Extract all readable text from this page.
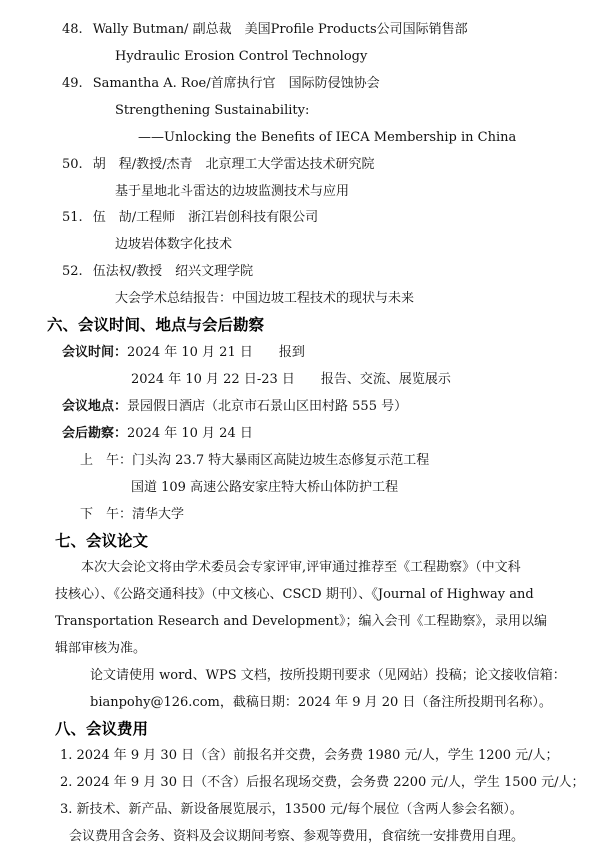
48. Wally Butman/ 副总裁　美国Profile Products公司国际销售部
Hydraulic Erosion Control Technology
49. Samantha A. Roe/首席执行官　国际防侵蚀协会
Strengthening Sustainability:
——Unlocking the Benefits of IECA Membership in China
50. 胡　程/教授/杰青　北京理工大学雷达技术研究院
基于星地北斗雷达的边坡监测技术与应用
51. 伍　劼/工程师　浙江岩创科技有限公司
边坡岩体数字化技术
52. 伍法权/教授　绍兴文理学院
大会学术总结报告：中国边坡工程技术的现状与未来
六、会议时间、地点与会后勘察
会议时间：2024 年 10 月 21 日　　报到
2024 年 10 月 22 日-23 日　　报告、交流、展览展示
会议地点：景园假日酒店（北京市石景山区田村路 555 号）
会后勘察：2024 年 10 月 24 日
上　午：门头沟 23.7 特大暴雨区高陡边坡生态修复示范工程
国道 109 高速公路安家庄特大桥山体防护工程
下　午：清华大学
七、会议论文
本次大会论文将由学术委员会专家评审,评审通过推荐至《工程勘察》（中文科
技核心）、《公路交通科技》（中文核心、CSCD 期刊）、《Journal of Highway and
Transportation Research and Development》；编入会刊《工程勘察》，录用以编
辑部审核为准。
论文请使用 word、WPS 文档，按所投期刊要求（见网站）投稿；论文接收信箱：
bianpohy@126.com，截稿日期：2024 年 9 月 20 日（备注所投期刊名称）。
八、会议费用
1. 2024 年 9 月 30 日（含）前报名并交费，会务费 1980 元/人，学生 1200 元/人；
2. 2024 年 9 月 30 日（不含）后报名现场交费，会务费 2200 元/人，学生 1500 元/人；
3. 新技术、新产品、新设备展览展示，13500 元/每个展位（含两人参会名额）。
会议费用含会务、资料及会议期间考察、参观等费用，食宿统一安排费用自理。
